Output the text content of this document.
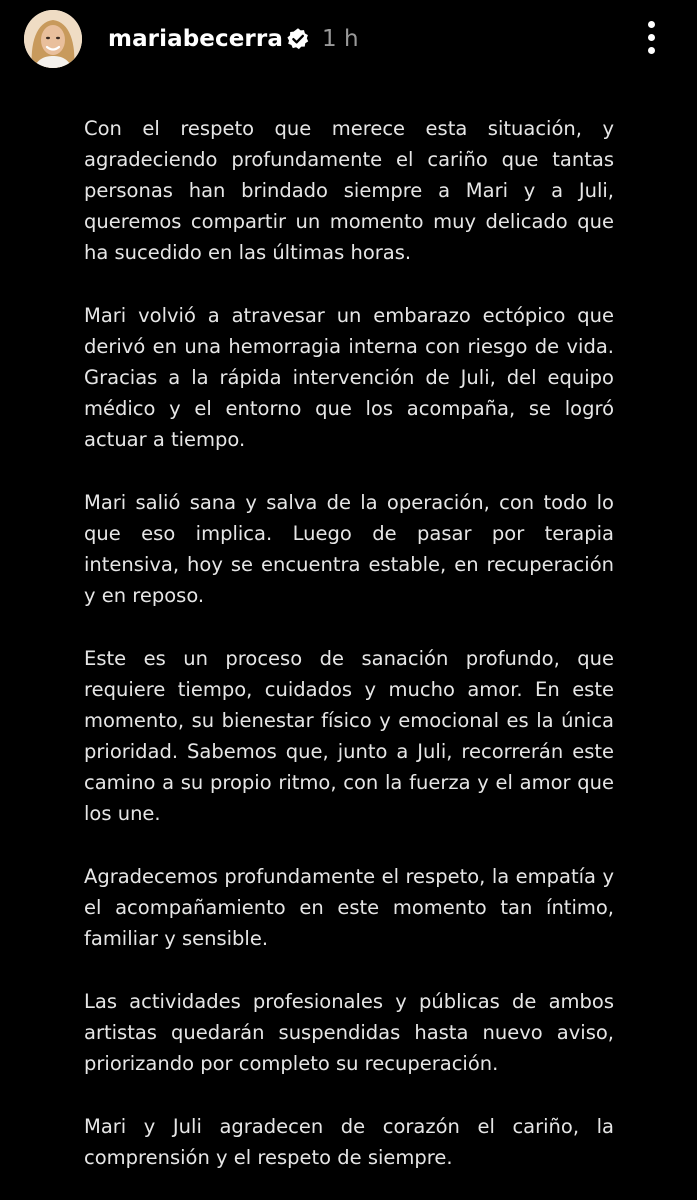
mariabecerra 1 h

Con el respeto que merece esta situación, y agradeciendo profundamente el cariño que tantas personas han brindado siempre a Mari y a Juli, queremos compartir un momento muy delicado que ha sucedido en las últimas horas.

Mari volvió a atravesar un embarazo ectópico que derivó en una hemorragia interna con riesgo de vida. Gracias a la rápida intervención de Juli, del equipo médico y el entorno que los acompaña, se logró actuar a tiempo.

Mari salió sana y salva de la operación, con todo lo que eso implica. Luego de pasar por terapia intensiva, hoy se encuentra estable, en recuperación y en reposo.

Este es un proceso de sanación profundo, que requiere tiempo, cuidados y mucho amor. En este momento, su bienestar físico y emocional es la única prioridad. Sabemos que, junto a Juli, recorrerán este camino a su propio ritmo, con la fuerza y el amor que los une.

Agradecemos profundamente el respeto, la empatía y el acompañamiento en este momento tan íntimo, familiar y sensible.

Las actividades profesionales y públicas de ambos artistas quedarán suspendidas hasta nuevo aviso, priorizando por completo su recuperación.

Mari y Juli agradecen de corazón el cariño, la comprensión y el respeto de siempre.
